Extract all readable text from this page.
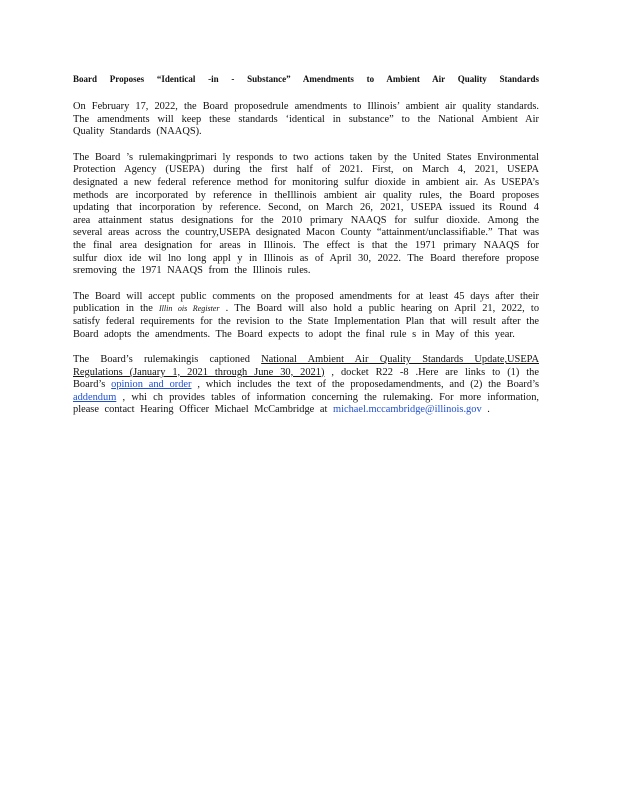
Board Proposes “Identical -in - Substance” Amendments to Ambient Air Quality Standards

On February 17, 2022, the Board proposedrule amendments to Illinois’ ambient air quality standards. The amendments will keep these standards ‘identical in substance” to the National Ambient Air Quality Standards (NAAQS).

The Board ’s rulemakingprimari ly responds to two actions taken by the United States Environmental Protection Agency (USEPA) during the first half of 2021. First, on March 4, 2021, USEPA designated a new federal reference method for monitoring sulfur dioxide in ambient air. As USEPA’s methods are incorporated by reference in theIllinois ambient air quality rules, the Board proposes updating that incorporation by reference. Second, on March 26, 2021, USEPA issued its Round 4 area attainment status designations for the 2010 primary NAAQS for sulfur dioxide. Among the several areas across the country,USEPA designated Macon County “attainment/unclassifiable.” That was the final area designation for areas in Illinois. The effect is that the 1971 primary NAAQS for sulfur diox ide wil lno long appl y in Illinois as of April 30, 2022. The Board therefore propose sremoving the 1971 NAAQS from the Illinois rules.

The Board will accept public comments on the proposed amendments for at least 45 days after their publication in the Illin ois Register . The Board will also hold a public hearing on April 21, 2022, to satisfy federal requirements for the revision to the State Implementation Plan that will result after the Board adopts the amendments. The Board expects to adopt the final rule s in May of this year.

The Board’s rulemakingis captioned National Ambient Air Quality Standards Update,USEPA Regulations (January 1, 2021 through June 30, 2021) , docket R22 -8 .Here are links to (1) the Board’s opinion and order , which includes the text of the proposedamendments, and (2) the Board’s addendum , whi ch provides tables of information concerning the rulemaking. For more information, please contact Hearing Officer Michael McCambridge at michael.mccambridge@illinois.gov .
